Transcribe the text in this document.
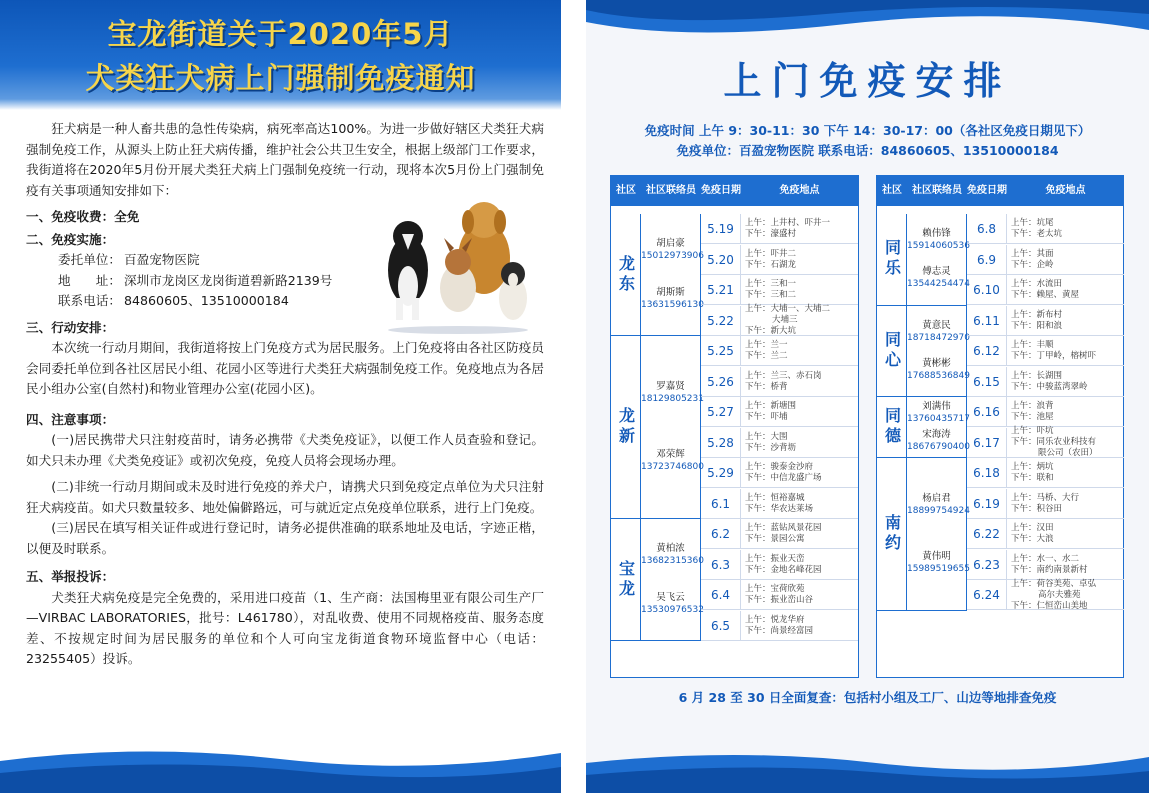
宝龙街道关于2020年5月
犬类狂犬病上门强制免疫通知
狂犬病是一种人畜共患的急性传染病，病死率高达100%。为进一步做好辖区犬类狂犬病强制免疫工作，从源头上防止狂犬病传播，维护社会公共卫生安全，根据上级部门工作要求，我街道将在2020年5月份开展犬类狂犬病上门强制免疫统一行动，现将本次5月份上门强制免疫有关事项通知安排如下：
一、免疫收费：全免
二、免疫实施：
委托单位： 百盈宠物医院
地　　址： 深圳市龙岗区龙岗街道碧新路2139号
联系电话： 84860605、13510000184
三、行动安排：
本次统一行动月期间，我街道将按上门免疫方式为居民服务。上门免疫将由各社区防疫员会同委托单位到各社区居民小组、花园小区等进行犬类狂犬病强制免疫工作。免疫地点为各居民小组办公室(自然村)和物业管理办公室(花园小区)。
四、注意事项：
(一)居民携带犬只注射疫苗时，请务必携带《犬类免疫证》，以便工作人员查验和登记。如犬只未办理《犬类免疫证》或初次免疫，免疫人员将会现场办理。
(二)非统一行动月期间或未及时进行免疫的养犬户，请携犬只到免疫定点单位为犬只注射狂犬病疫苗。如犬只数量较多、地处偏僻路远，可与就近定点免疫单位联系，进行上门免疫。
(三)居民在填写相关证件或进行登记时，请务必提供准确的联系地址及电话，字迹正楷，以便及时联系。
五、举报投诉：
犬类狂犬病免疫是完全免费的，采用进口疫苗（1、生产商：法国梅里亚有限公司生产厂—VIRBAC LABORATORIES，批号：L461780），对乱收费、使用不同规格疫苗、服务态度差、不按规定时间为居民服务的单位和个人可向宝龙街道食物环境监督中心（电话：23255405）投诉。
上门免疫安排
免疫时间 上午 9：30-11：30 下午 14：30-17：00（各社区免疫日期见下）
免疫单位：百盈宠物医院 联系电话：84860605、13510000184
社区	社区联络员 免疫日期	免疫地点
龙东
胡启豪
15012973906
胡斯斯
13631596130
5.19	上午：上井村、吓井一
下午：濠盛村
5.20	上午：吓井二
下午：石湖龙
5.21	上午：三和一
下午：三和二
5.22
上午：大埔一、大埔二
大埔三
下午：新大坑
龙新
罗嘉贤
18129805231
邓荣辉
13723746800
5.25	上午：兰一
下午：兰二
5.26	上午：兰三、赤石岗
下午：桥背
5.27	上午：新塘围
下午：吓埔
5.28	上午：大围
下午：沙背坜
5.29	上午：骏泰金沙府
下午：中信龙盛广场
6.1	上午：恒裕嘉城
下午：华农达莱场
宝龙
黄柏浓
13682315360
吴飞云
13530976532
6.2	上午：蓝钻风景花园
下午：景园公寓
6.3	上午：振业天峦
下午：金地名峰花园
6.4	上午：宝荷欣苑
下午：振业峦山谷
6.5	上午：悦龙华府
下午：尚景经富园
社区	社区联络员 免疫日期	免疫地点
同乐
赖伟锋
15914060536
傅志灵
13544254474
6.8	上午：坑尾
下午：老太坑
6.9	上午：其面
下午：企岭
6.10	上午：水流田
下午：赖屋、黄屋
同心
黄意民
18718472970
黄彬彬
17688536849
6.11	上午：新布村
下午：阳和浪
6.12	上午：丰顺
下午：丁甲岭，榕树吓
6.15	上午：长湖围
下午：中骏蓝湾翠岭
同德
刘满伟
13760435717
宋海涛
18676790400
6.16	上午：浪背
下午：池屋
6.17
上午：吓坑
下午：同乐农业科技有
限公司（农田）
南约
杨启君
18899754924
黄伟明
15989519655
6.18	上午：炳坑
下午：联和
6.19	上午：马桥、大行
下午：积谷田
6.22	上午：汉田
下午：大浪
6.23	上午：水一、水二
下午：南约南景新村
6.24
上午：荷谷美苑、卓弘
高尔夫雅苑
下午：仁恒峦山美地
6 月 28 至 30 日全面复查：包括村小组及工厂、山边等地排查免疫
